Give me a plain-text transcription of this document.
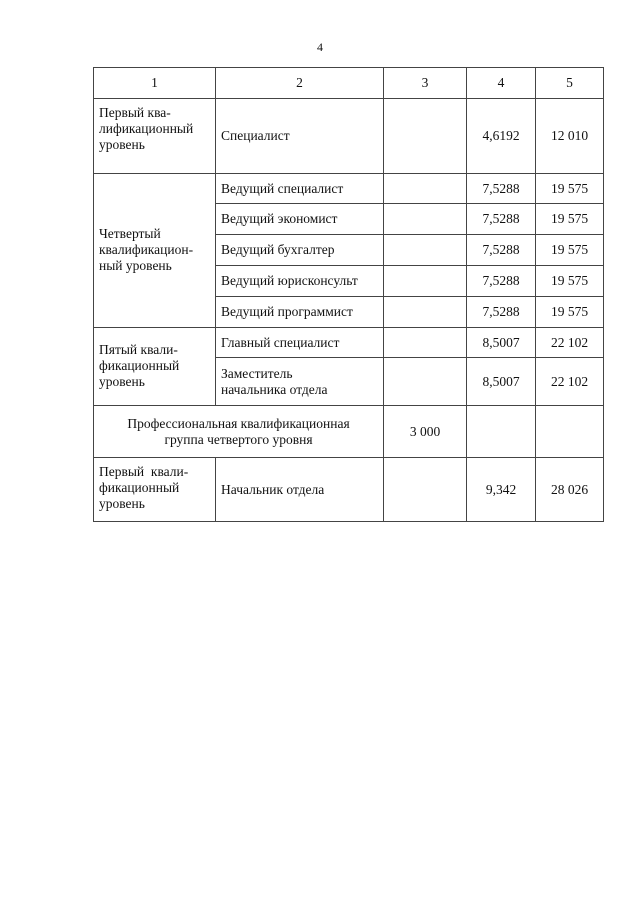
4
1	2	3	4	5

Первый ква-
лификационный
уровень	Специалист		4,6192	12 010

Четвертый
квалификацион-
ный уровень	Ведущий специалист		7,5288	19 575
	Ведущий экономист		7,5288	19 575
	Ведущий бухгалтер		7,5288	19 575
	Ведущий юрисконсульт		7,5288	19 575
	Ведущий программист		7,5288	19 575

Пятый квали-
фикационный
уровень	Главный специалист		8,5007	22 102

	Заместитель
начальника отдела		8,5007	22 102

Профессиональная квалификационная
группа четвертого уровня		3 000		

Первый  квали-
фикационный
уровень	Начальник отдела		9,342	28 026
